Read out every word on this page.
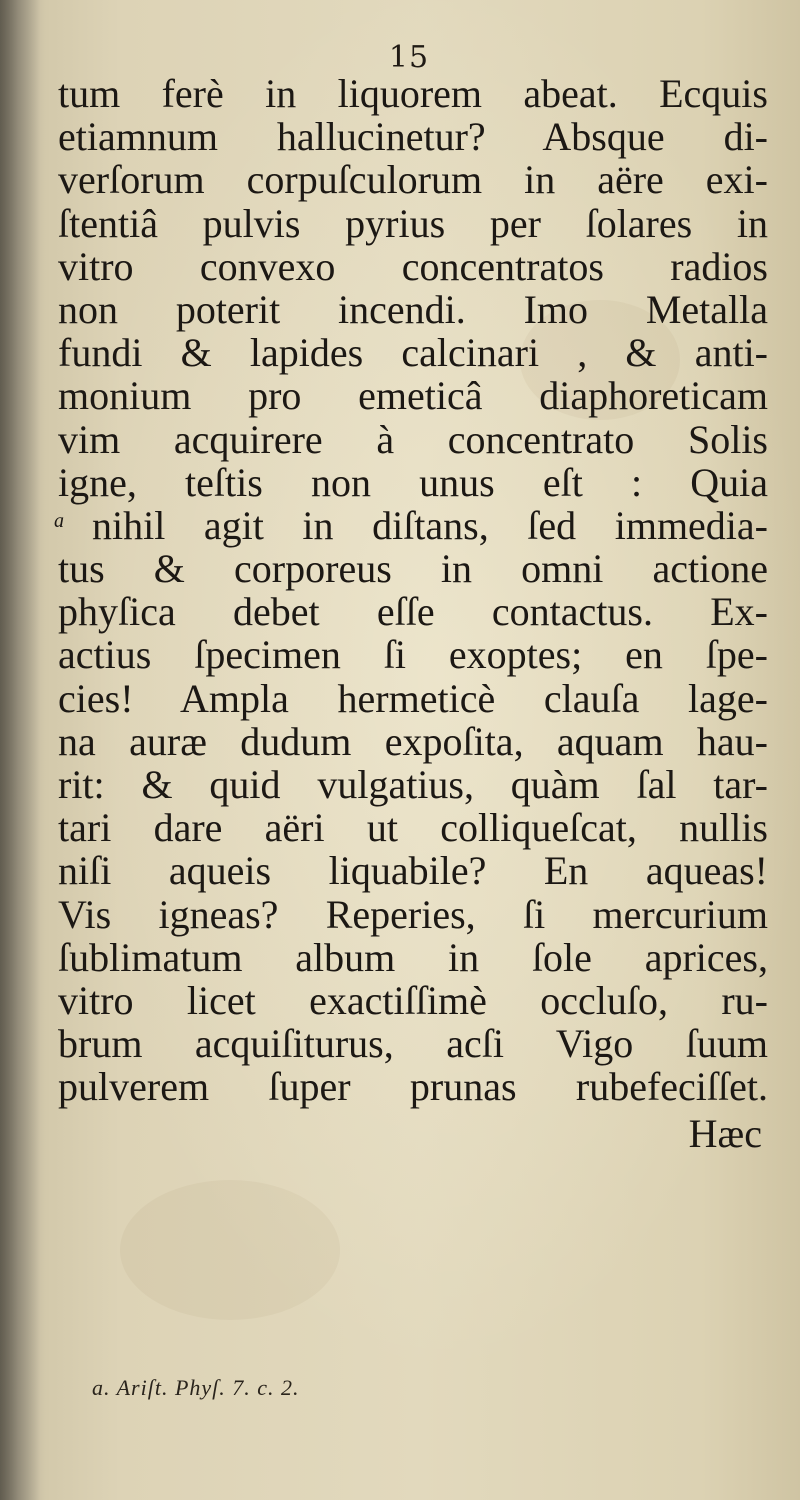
15
tum ferè in liquorem abeat. Ecquis
etiamnum hallucinetur? Absque di-
verſorum corpuſculorum in aëre exi-
ſtentiâ pulvis pyrius per ſolares in
vitro convexo concentratos radios
non poterit incendi. Imo Metalla
fundi & lapides calcinari , & anti-
monium pro emeticâ diaphoreticam
vim acquirere à concentrato Solis
igne, teſtis non unus eſt : Quia
a nihil agit in diſtans, ſed immedia-
tus & corporeus in omni actione
phyſica debet eſſe contactus. Ex-
actius ſpecimen ſi exoptes; en ſpe-
cies! Ampla hermeticè clauſa lage-
na auræ dudum expoſita, aquam hau-
rit: & quid vulgatius, quàm ſal tar-
tari dare aëri ut colliqueſcat, nullis
niſi aqueis liquabile? En aqueas!
Vis igneas? Reperies, ſi mercurium
ſublimatum album in ſole aprices,
vitro licet exactiſſimè occluſo, ru-
brum acquiſiturus, acſi Vigo ſuum
pulverem ſuper prunas rubefeciſſet.
Hæc
a. Ariſt. Phyſ. 7. c. 2.
